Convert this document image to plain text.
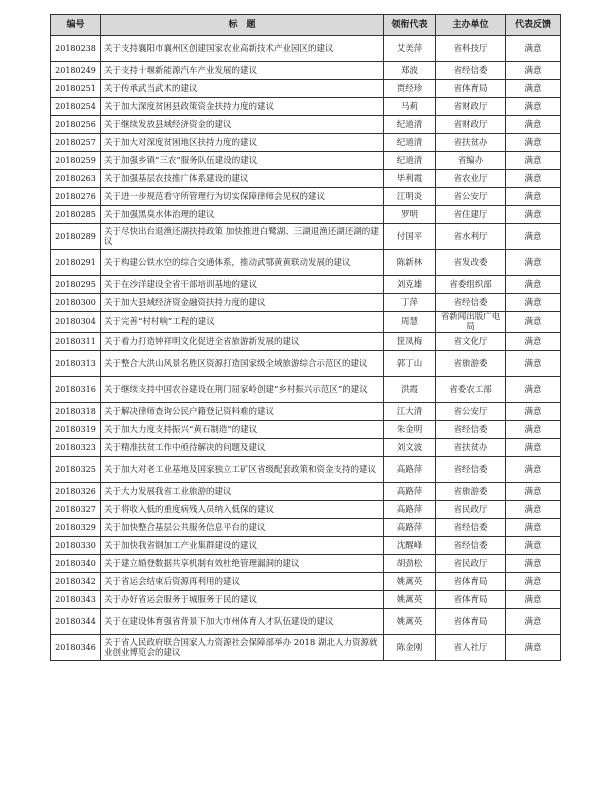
编号	标　题	领衔代表	主办单位	代表反馈
20180238	关于支持襄阳市襄州区创建国家农业高新技术产业园区的建议	艾美萍	省科技厅	满意
20180249	关于支持十堰新能源汽车产业发展的建议	郑波	省经信委	满意
20180251	关于传承武当武术的建议	贾经珍	省体育局	满意
20180254	关于加大深度贫困县政策资金扶持力度的建议	马莉	省财政厅	满意
20180256	关于继续发放县域经济资金的建议	纪道清	省财政厅	满意
20180257	关于加大对深度贫困地区扶持力度的建议	纪道清	省扶贫办	满意
20180259	关于加强乡镇“三农”服务队伍建设的建议	纪道清	省编办	满意
20180263	关于加强基层农技推广体系建设的建议	毕利霞	省农业厅	满意
20180276	关于进一步规范看守所管理行为切实保障律师会见权的建议	江明炎	省公安厅	满意
20180285	关于加强黑臭水体治理的建议	罗明	省住建厅	满意
20180289	关于尽快出台退渔还湖扶持政策 加快推进白鹭湖、三湖退渔还湖还湖的建议	付国平	省水利厅	满意
20180291	关于构建公铁水空的综合交通体系，推动武鄂黄黄联动发展的建议	陈新林	省发改委	满意
20180295	关于在沙洋建设全省干部培训基地的建议	刘克雄	省委组织部	满意
20180300	关于加大县域经济资金融资扶持力度的建议	丁萍	省经信委	满意
20180304	关于完善“村村响”工程的建议	周慧	省新闻出版广电局	满意
20180311	关于着力打造钟祥明文化促进全省旅游新发展的建议	筐凤梅	省文化厅	满意
20180313	关于整合大洪山风景名胜区资源打造国家级全域旅游综合示范区的建议	郭丁山	省旅游委	满意
20180316	关于继续支持中国农谷建设在荆门屈家岭创建“乡村振兴示范区”的建议	洪霞	省委农工部	满意
20180318	关于解决律师查询公民户籍登记资料难的建议	江大清	省公安厅	满意
20180319	关于加大力度支持振兴“黄石制造”的建议	朱金明	省经信委	满意
20180323	关于精准扶贫工作中亟待解决的问题及建议	刘文波	省扶贫办	满意
20180325	关于加大对老工业基地及国家独立工矿区省级配套政策和资金支持的建议	高路萍	省经信委	满意
20180326	关于大力发展我省工业旅游的建议	高路萍	省旅游委	满意
20180327	关于将收入低的重度病残人员纳入低保的建议	高路萍	省民政厅	满意
20180329	关于加快整合基层公共服务信息平台的建议	高路萍	省经信委	满意
20180330	关于加快我省钢加工产业集群建设的建议	沈醒峰	省经信委	满意
20180340	关于建立婚登数据共享机制有效杜绝管理漏洞的建议	胡劲松	省民政厅	满意
20180342	关于省运会结束后资源再利用的建议	姚蓠英	省体育局	满意
20180343	关于办好省运会服务于城服务于民的建议	姚蓠英	省体育局	满意
20180344	关于在建设体育强省背景下加大市州体育人才队伍建设的建议	姚蓠英	省体育局	满意
20180346	关于省人民政府联合国家人力资源社会保障部举办 2018 湖北人力资源就业创业博览会的建议	陈金刚	省人社厅	满意
